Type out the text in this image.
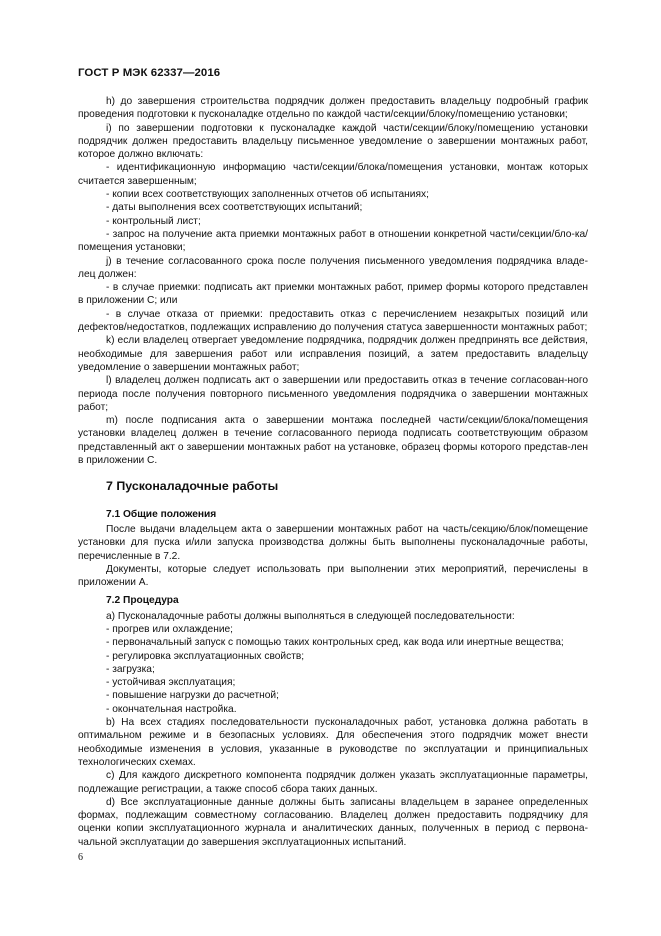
ГОСТ Р МЭК 62337—2016

h) до завершения строительства подрядчик должен предоставить владельцу подробный график проведения подготовки к пусконаладке отдельно по каждой части/секции/блоку/помещению установки;

i) по завершении подготовки к пусконаладке каждой части/секции/блоку/помещению установки подрядчик должен предоставить владельцу письменное уведомление о завершении монтажных работ, которое должно включать:

- идентификационную информацию части/секции/блока/помещения установки, монтаж которых считается завершенным;

- копии всех соответствующих заполненных отчетов об испытаниях;

- даты выполнения всех соответствующих испытаний;

- контрольный лист;

- запрос на получение акта приемки монтажных работ в отношении конкретной части/секции/бло-ка/помещения установки;

j) в течение согласованного срока после получения письменного уведомления подрядчика владе-лец должен:

- в случае приемки: подписать акт приемки монтажных работ, пример формы которого представлен в приложении С; или

- в случае отказа от приемки: предоставить отказ с перечислением незакрытых позиций или дефектов/недостатков, подлежащих исправлению до получения статуса завершенности монтажных работ;

k) если владелец отвергает уведомление подрядчика, подрядчик должен предпринять все действия, необходимые для завершения работ или исправления позиций, а затем предоставить владельцу уведомление о завершении монтажных работ;

l) владелец должен подписать акт о завершении или предоставить отказ в течение согласован-ного периода после получения повторного письменного уведомления подрядчика о завершении монтажных работ;

m) после подписания акта о завершении монтажа последней части/секции/блока/помещения установки владелец должен в течение согласованного периода подписать соответствующим образом представленный акт о завершении монтажных работ на установке, образец формы которого представ-лен в приложении С.

7 Пусконаладочные работы
7.1 Общие положения

После выдачи владельцем акта о завершении монтажных работ на часть/секцию/блок/помещение установки для пуска и/или запуска производства должны быть выполнены пусконаладочные работы, перечисленные в 7.2.

Документы, которые следует использовать при выполнении этих мероприятий, перечислены в приложении А.

7.2 Процедура

а) Пусконаладочные работы должны выполняться в следующей последовательности:

- прогрев или охлаждение;

- первоначальный запуск с помощью таких контрольных сред, как вода или инертные вещества;

- регулировка эксплуатационных свойств;

- загрузка;

- устойчивая эксплуатация;

- повышение нагрузки до расчетной;

- окончательная настройка.

b) На всех стадиях последовательности пусконаладочных работ, установка должна работать в оптимальном режиме и в безопасных условиях. Для обеспечения этого подрядчик может внести необходимые изменения в условия, указанные в руководстве по эксплуатации и принципиальных технологических схемах.

с) Для каждого дискретного компонента подрядчик должен указать эксплуатационные параметры, подлежащие регистрации, а также способ сбора таких данных.

d) Все эксплуатационные данные должны быть записаны владельцем в заранее определенных формах, подлежащим совместному согласованию. Владелец должен предоставить подрядчику для оценки копии эксплуатационного журнала и аналитических данных, полученных в период с первона-чальной эксплуатации до завершения эксплуатационных испытаний.

6
